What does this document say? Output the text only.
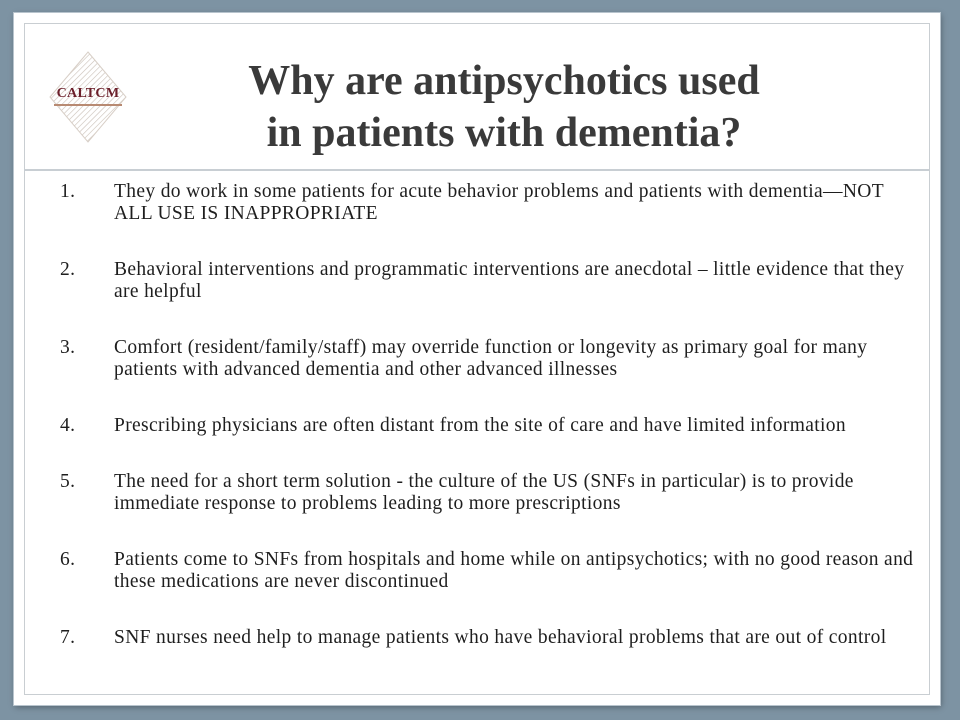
CALTCM	Why are antipsychotics used
in patients with dementia?
1. They do work in some patients for acute behavior problems and patients with dementia—NOT ALL USE IS INAPPROPRIATE
2. Behavioral interventions and programmatic interventions are anecdotal – little evidence that they are helpful
3. Comfort (resident/family/staff) may override function or longevity as primary goal for many patients with advanced dementia and other advanced illnesses
4. Prescribing physicians are often distant from the site of care and have limited information
5. The need for a short term solution - the culture of the US (SNFs in particular) is to provide immediate response to problems leading to more prescriptions
6. Patients come to SNFs from hospitals and home while on antipsychotics; with no good reason and these medications are never discontinued
7. SNF nurses need help to manage patients who have behavioral problems that are out of control
